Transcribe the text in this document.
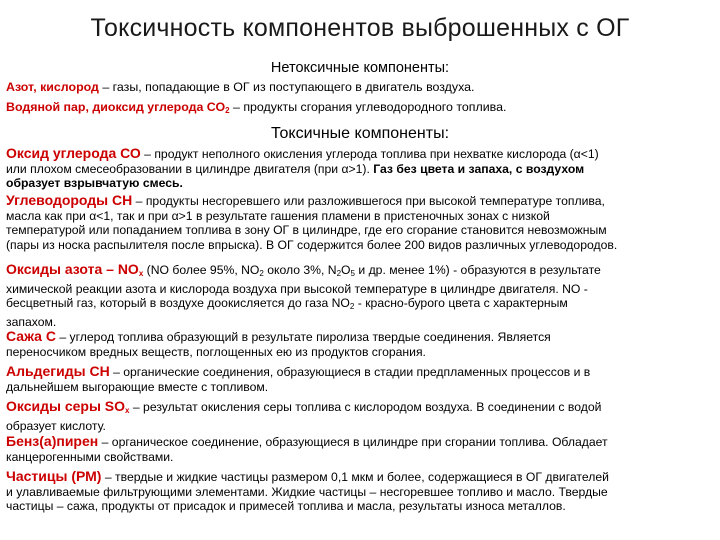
Токсичность компонентов выброшенных с ОГ
Нетоксичные компоненты:
Азот, кислород – газы, попадающие в ОГ из поступающего в двигатель воздуха.
Водяной пар, диоксид углерода $СО_2$ – продукты сгорания углеводородного топлива.
Токсичные компоненты:
Оксид углерода СО – продукт неполного окисления углерода топлива при нехватке кислорода (α<1)
или плохом смесеобразовании в цилиндре двигателя (при α>1). Газ без цвета и запаха, с воздухом
образует взрывчатую смесь.
Углеводороды СН – продукты несгоревшего или разложившегося при высокой температуре топлива,
масла как при α<1, так и при α>1 в результате гашения пламени в пристеночных зонах с низкой
температурой или попаданием топлива в зону ОГ в цилиндре, где его сгорание становится невозможным
(пары из носка распылителя после впрыска). В ОГ содержится более 200 видов различных углеводородов.
Оксиды азота – $NO_x$ (NO более 95%, $NO_2$ около 3%, $N_2O_5$ и др. менее 1%) - образуются в результате
химической реакции азота и кислорода воздуха при высокой температуре в цилиндре двигателя. NO -
бесцветный газ, который в воздухе доокисляется до газа $NO_2$ - красно-бурого цвета с характерным
запахом.
Сажа С – углерод топлива образующий в результате пиролиза твердые соединения. Является
переносчиком вредных веществ, поглощенных ею из продуктов сгорания.
Альдегиды СН – органические соединения, образующиеся в стадии предпламенных процессов и в
дальнейшем выгорающие вместе с топливом.
Оксиды серы $SO_x$ – результат окисления серы топлива с кислородом воздуха. В соединении с водой
образует кислоту.
Бенз(а)пирен – органическое соединение, образующиеся в цилиндре при сгорании топлива. Обладает
канцерогенными свойствами.
Частицы (РМ) – твердые и жидкие частицы размером 0,1 мкм и более, содержащиеся в ОГ двигателей
и улавливаемые фильтрующими элементами. Жидкие частицы – несгоревшее топливо и масло. Твердые
частицы – сажа, продукты от присадок и примесей топлива и масла, результаты износа металлов.
